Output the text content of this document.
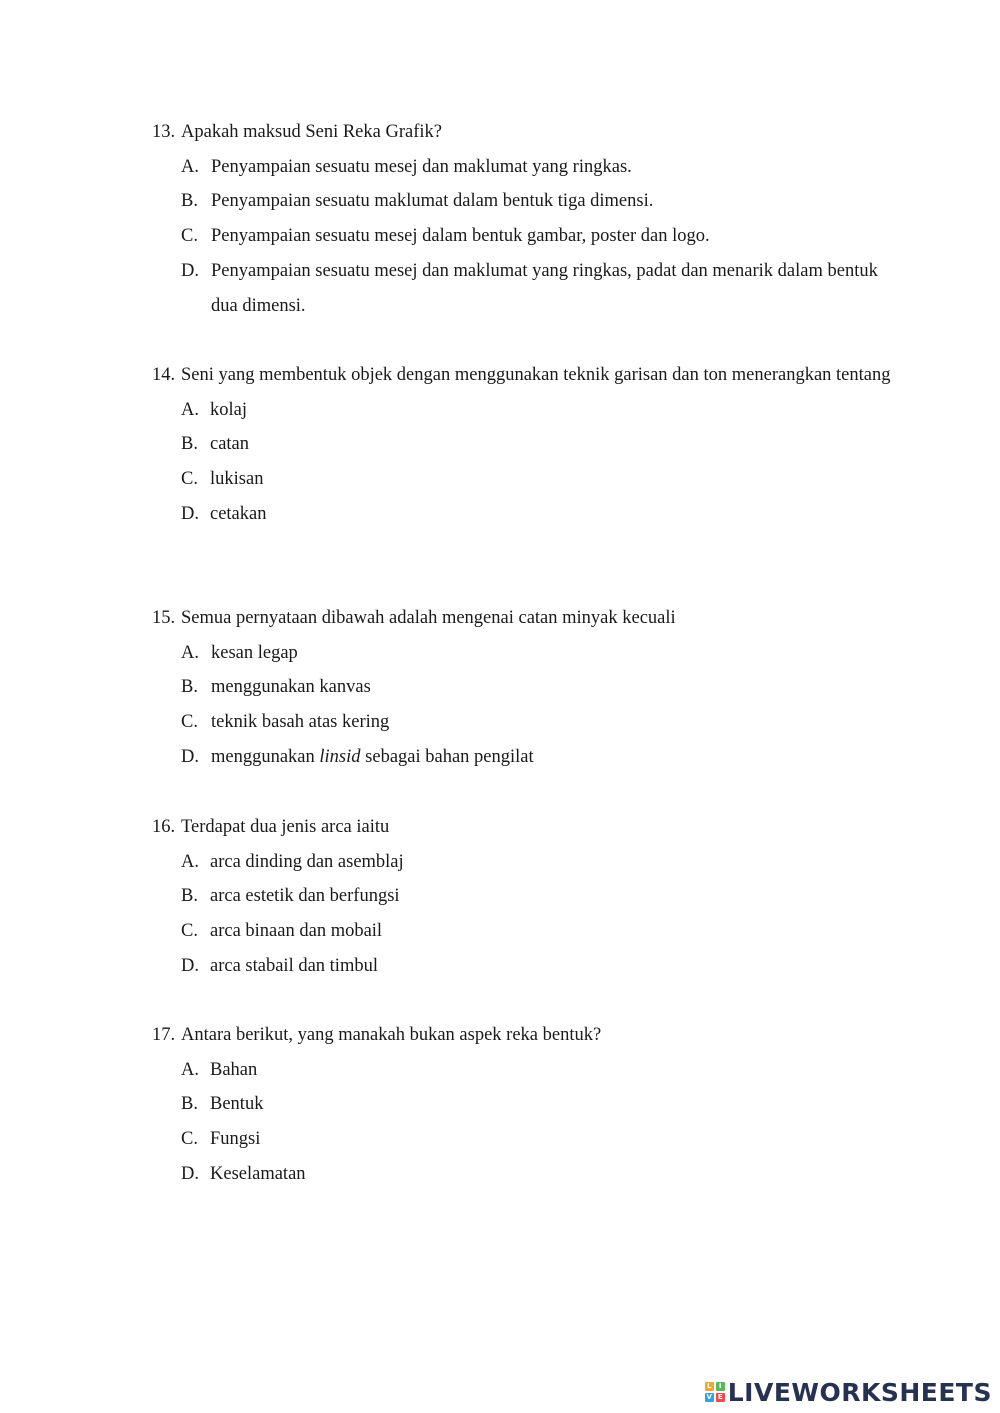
13. Apakah maksud Seni Reka Grafik?

A. Penyampaian sesuatu mesej dan maklumat yang ringkas.

B. Penyampaian sesuatu maklumat dalam bentuk tiga dimensi.

C. Penyampaian sesuatu mesej dalam bentuk gambar, poster dan logo.

D. Penyampaian sesuatu mesej dan maklumat yang ringkas, padat dan menarik dalam bentuk dua dimensi.

14. Seni yang membentuk objek dengan menggunakan teknik garisan dan ton menerangkan tentang

A. kolaj

B. catan

C. lukisan

D. cetakan

15. Semua pernyataan dibawah adalah mengenai catan minyak kecuali

A. kesan legap

B. menggunakan kanvas

C. teknik basah atas kering

D. menggunakan linsid sebagai bahan pengilat

16. Terdapat dua jenis arca iaitu

A. arca dinding dan asemblaj

B. arca estetik dan berfungsi

C. arca binaan dan mobail

D. arca stabail dan timbul

17. Antara berikut, yang manakah bukan aspek reka bentuk?

A. Bahan

B. Bentuk

C. Fungsi

D. Keselamatan

L	I
V E LIVEWORKSHEETS
